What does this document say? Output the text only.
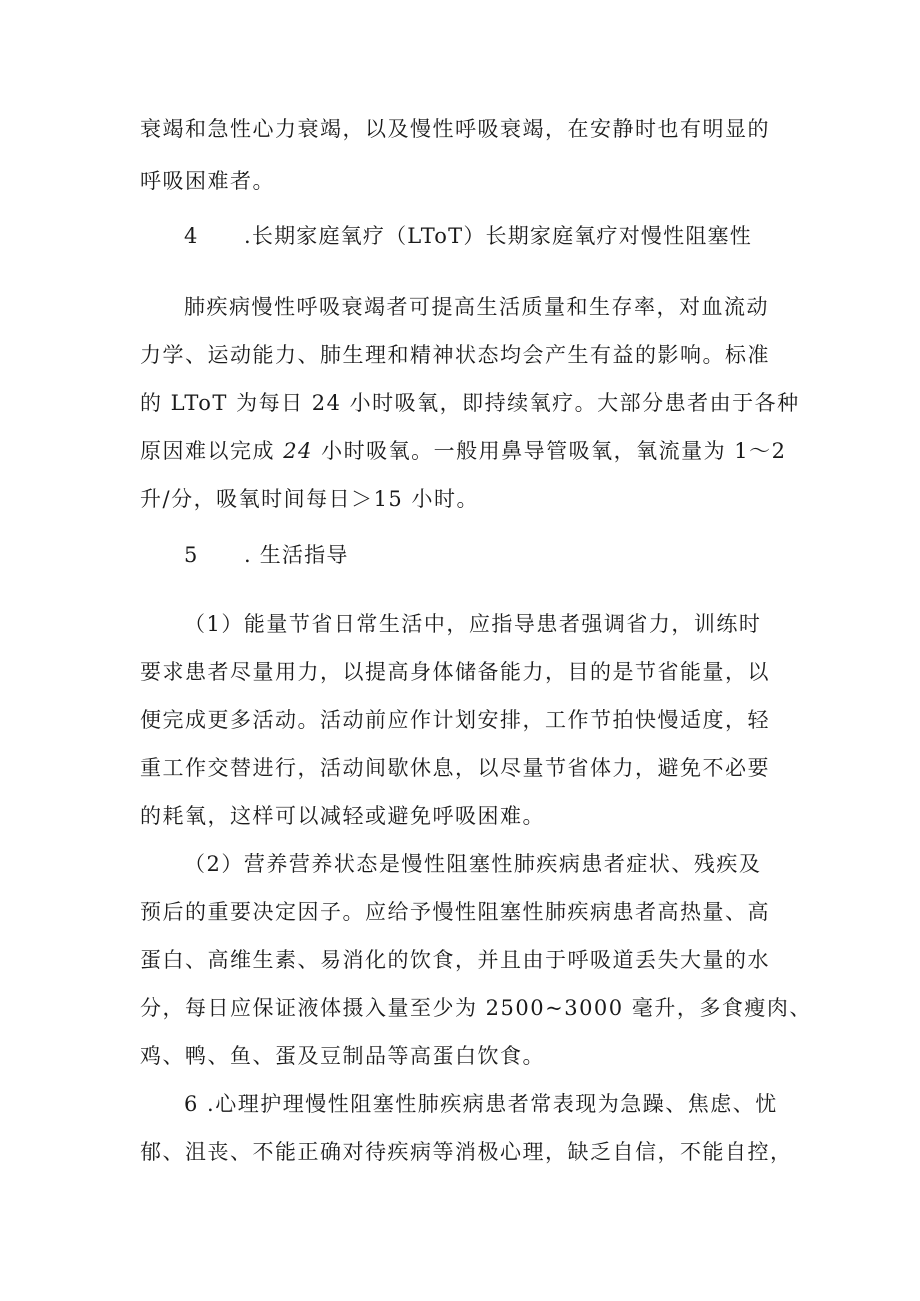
衰竭和急性心力衰竭，以及慢性呼吸衰竭，在安静时也有明显的
呼吸困难者。
4 .长期家庭氧疗（LToT）长期家庭氧疗对慢性阻塞性
肺疾病慢性呼吸衰竭者可提高生活质量和生存率，对血流动
力学、运动能力、肺生理和精神状态均会产生有益的影响。标准
的 LToT 为每日 24 小时吸氧，即持续氧疗。大部分患者由于各种
原因难以完成 24 小时吸氧。一般用鼻导管吸氧，氧流量为 1～2
升/分，吸氧时间每日＞15 小时。
5 . 生活指导
（1）能量节省日常生活中，应指导患者强调省力，训练时
要求患者尽量用力，以提高身体储备能力，目的是节省能量，以
便完成更多活动。活动前应作计划安排，工作节拍快慢适度，轻
重工作交替进行，活动间歇休息，以尽量节省体力，避免不必要
的耗氧，这样可以减轻或避免呼吸困难。
（2）营养营养状态是慢性阻塞性肺疾病患者症状、残疾及
预后的重要决定因子。应给予慢性阻塞性肺疾病患者高热量、高
蛋白、高维生素、易消化的饮食，并且由于呼吸道丢失大量的水
分，每日应保证液体摄入量至少为 2500~3000 毫升，多食瘦肉、
鸡、鸭、鱼、蛋及豆制品等高蛋白饮食。
6 .心理护理慢性阻塞性肺疾病患者常表现为急躁、焦虑、忧
郁、沮丧、不能正确对待疾病等消极心理，缺乏自信，不能自控，
